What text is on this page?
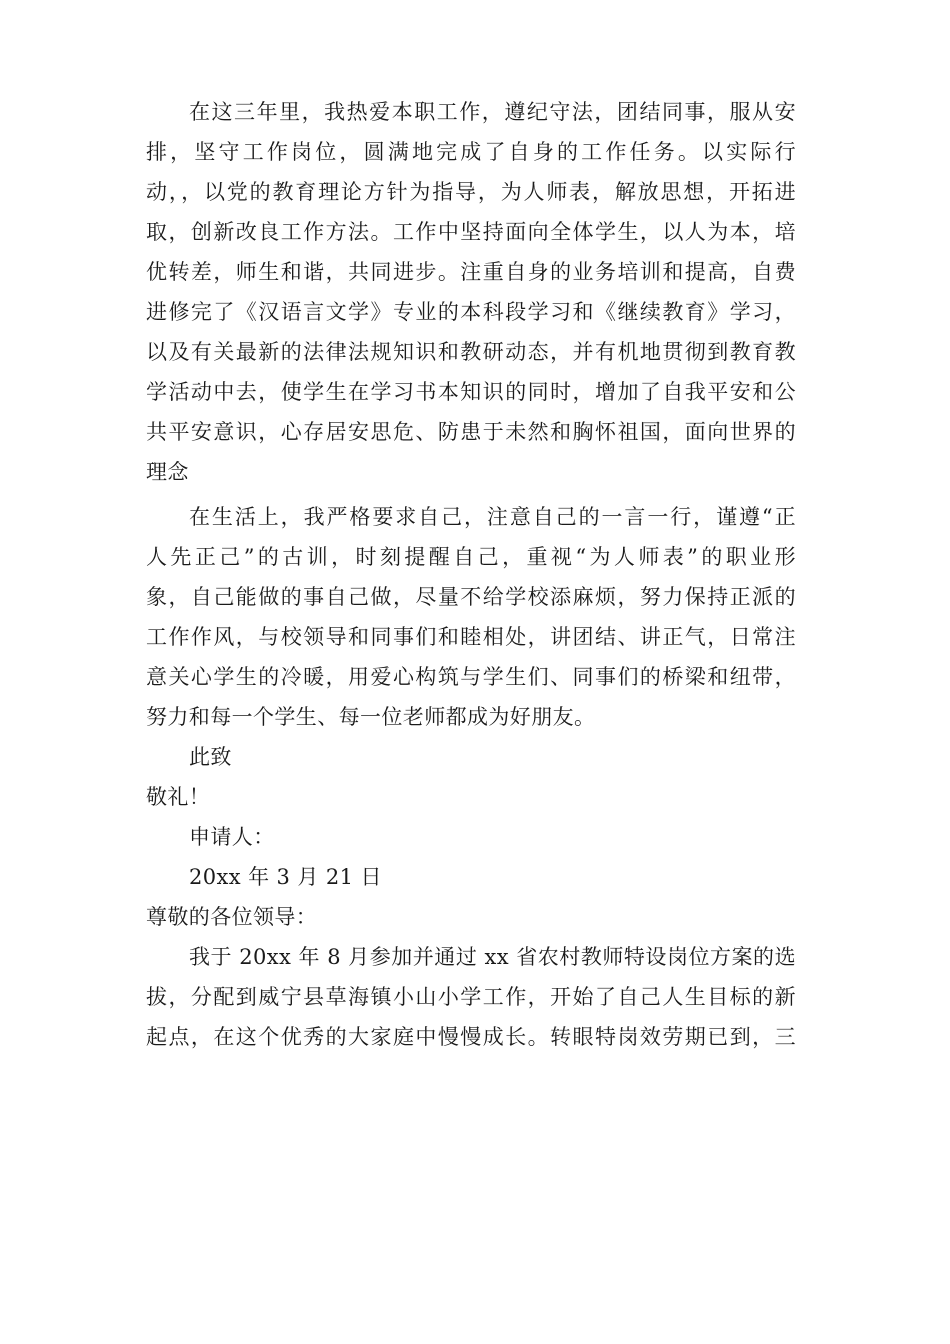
在这三年里，我热爱本职工作，遵纪守法，团结同事，服从安
排，坚守工作岗位，圆满地完成了自身的工作任务。以实际行
动，，以党的教育理论方针为指导，为人师表，解放思想，开拓进
取，创新改良工作方法。工作中坚持面向全体学生，以人为本，培
优转差，师生和谐，共同进步。注重自身的业务培训和提高，自费
进修完了《汉语言文学》专业的本科段学习和《继续教育》学习，
以及有关最新的法律法规知识和教研动态，并有机地贯彻到教育教
学活动中去，使学生在学习书本知识的同时，增加了自我平安和公
共平安意识，心存居安思危、防患于未然和胸怀祖国，面向世界的
理念
在生活上，我严格要求自己，注意自己的一言一行，谨遵“正
人先正己”的古训，时刻提醒自己，重视“为人师表”的职业形
象，自己能做的事自己做，尽量不给学校添麻烦，努力保持正派的
工作作风，与校领导和同事们和睦相处，讲团结、讲正气，日常注
意关心学生的冷暖，用爱心构筑与学生们、同事们的桥梁和纽带，
努力和每一个学生、每一位老师都成为好朋友。
此致
敬礼！
申请人：
20xx 年 3 月 21 日
尊敬的各位领导：
我于 20xx 年 8 月参加并通过 xx 省农村教师特设岗位方案的选
拔，分配到威宁县草海镇小山小学工作，开始了自己人生目标的新
起点，在这个优秀的大家庭中慢慢成长。转眼特岗效劳期已到，三
